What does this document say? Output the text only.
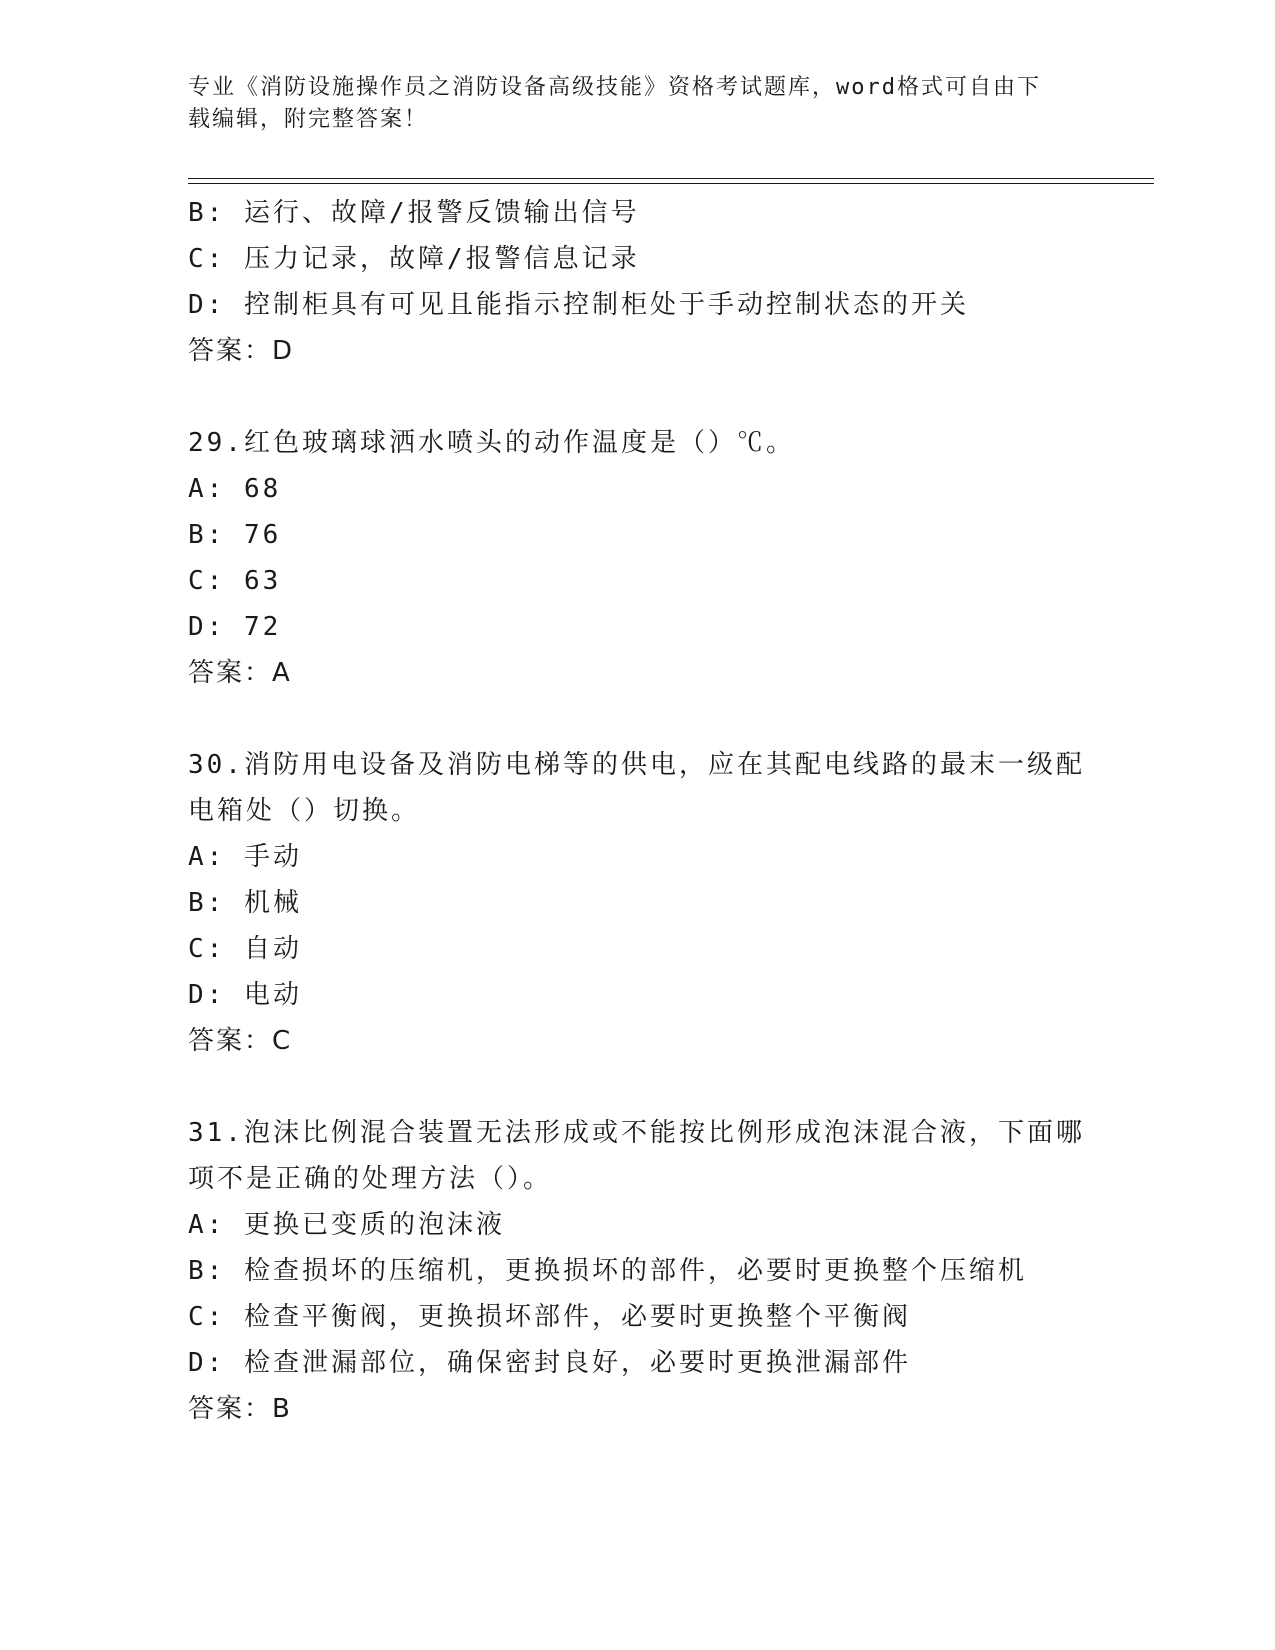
专业《消防设施操作员之消防设备高级技能》资格考试题库，word格式可自由下
载编辑，附完整答案！
B: 运行、故障/报警反馈输出信号
C: 压力记录，故障/报警信息记录
D: 控制柜具有可见且能指示控制柜处于手动控制状态的开关
答案：D
29.红色玻璃球洒水喷头的动作温度是（）℃。
A: 68
B: 76
C: 63
D: 72
答案：A
30.消防用电设备及消防电梯等的供电，应在其配电线路的最末一级配
电箱处（）切换。
A: 手动
B: 机械
C: 自动
D: 电动
答案：C
31.泡沫比例混合装置无法形成或不能按比例形成泡沫混合液，下面哪
项不是正确的处理方法（）。
A: 更换已变质的泡沫液
B: 检查损坏的压缩机，更换损坏的部件，必要时更换整个压缩机
C: 检查平衡阀，更换损坏部件，必要时更换整个平衡阀
D: 检查泄漏部位，确保密封良好，必要时更换泄漏部件
答案：B
